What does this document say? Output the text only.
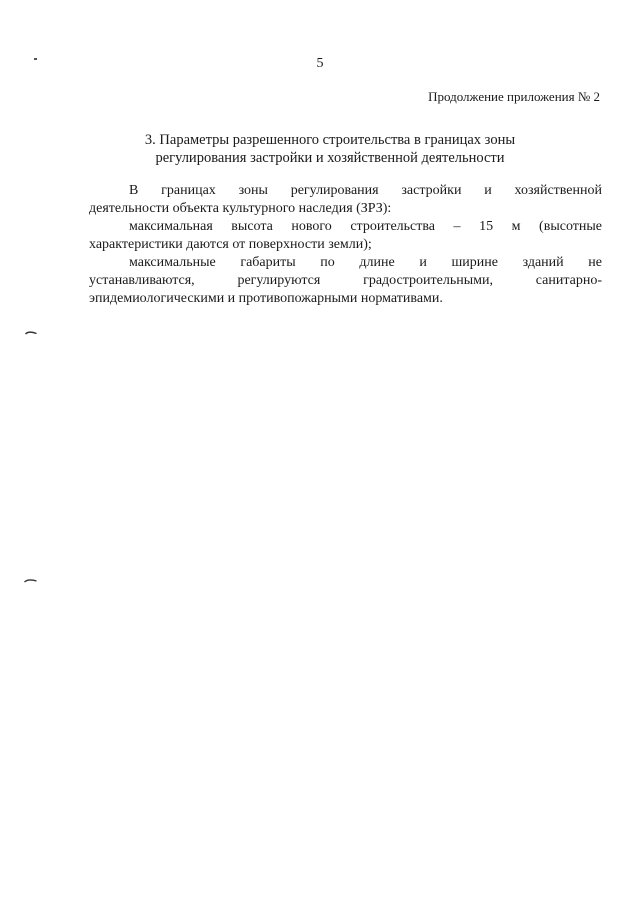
5
Продолжение приложения № 2
3. Параметры разрешенного строительства в границах зоны
регулирования застройки и хозяйственной деятельности
В границах зоны регулирования застройки и хозяйственной
деятельности объекта культурного наследия (ЗРЗ):
максимальная высота нового строительства – 15 м (высотные
характеристики даются от поверхности земли);
максимальные габариты по длине и ширине зданий не
устанавливаются, регулируются градостроительными, санитарно-
эпидемиологическими и противопожарными нормативами.
